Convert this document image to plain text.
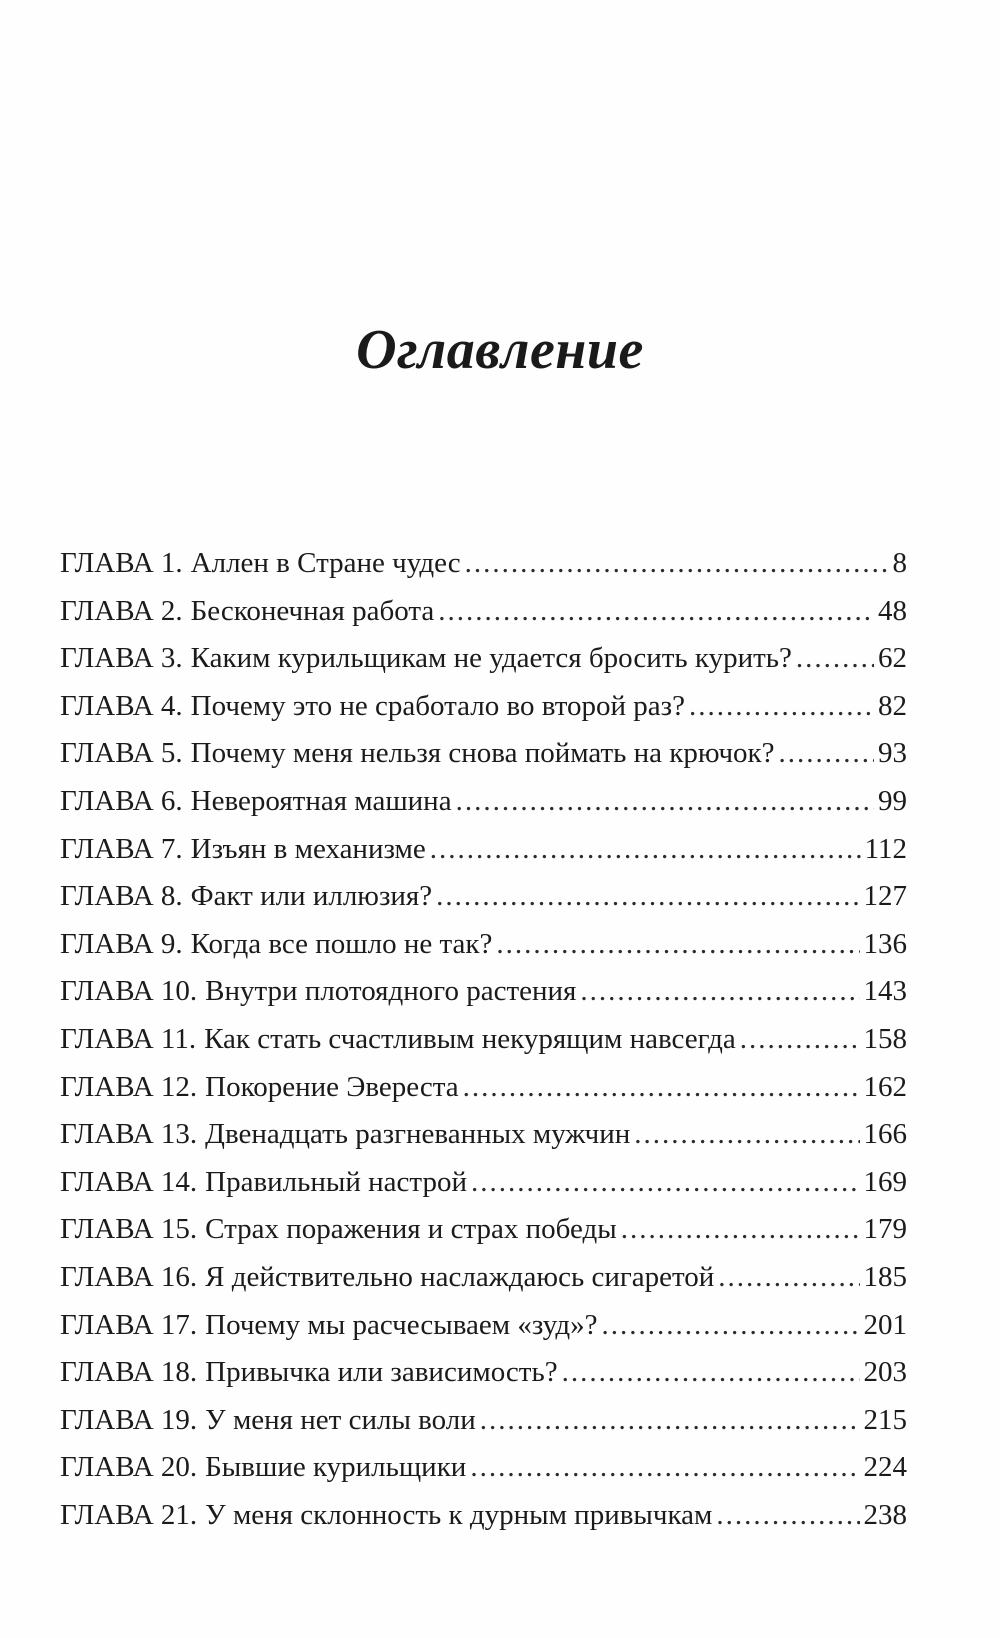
Оглавление
ГЛАВА 1. Аллен в Стране чудес .....	8
ГЛАВА 2. Бесконечная работа .....	48
ГЛАВА 3. Каким курильщикам не удается бросить курить? .....	62
ГЛАВА 4. Почему это не сработало во второй раз? .....	82
ГЛАВА 5. Почему меня нельзя снова поймать на крючок? .....	93
ГЛАВА 6. Невероятная машина .....	99
ГЛАВА 7. Изъян в механизме .....	112
ГЛАВА 8. Факт или иллюзия? .....	127
ГЛАВА 9. Когда все пошло не так? .....	136
ГЛАВА 10. Внутри плотоядного растения .....	143
ГЛАВА 11. Как стать счастливым некурящим навсегда .....	158
ГЛАВА 12. Покорение Эвереста .....	162
ГЛАВА 13. Двенадцать разгневанных мужчин .....	166
ГЛАВА 14. Правильный настрой .....	169
ГЛАВА 15. Страх поражения и страх победы .....	179
ГЛАВА 16. Я действительно наслаждаюсь сигаретой .....	185
ГЛАВА 17. Почему мы расчесываем «зуд»? .....	201
ГЛАВА 18. Привычка или зависимость? .....	203
ГЛАВА 19. У меня нет силы воли .....	215
ГЛАВА 20. Бывшие курильщики .....	224
ГЛАВА 21. У меня склонность к дурным привычкам .....	238
